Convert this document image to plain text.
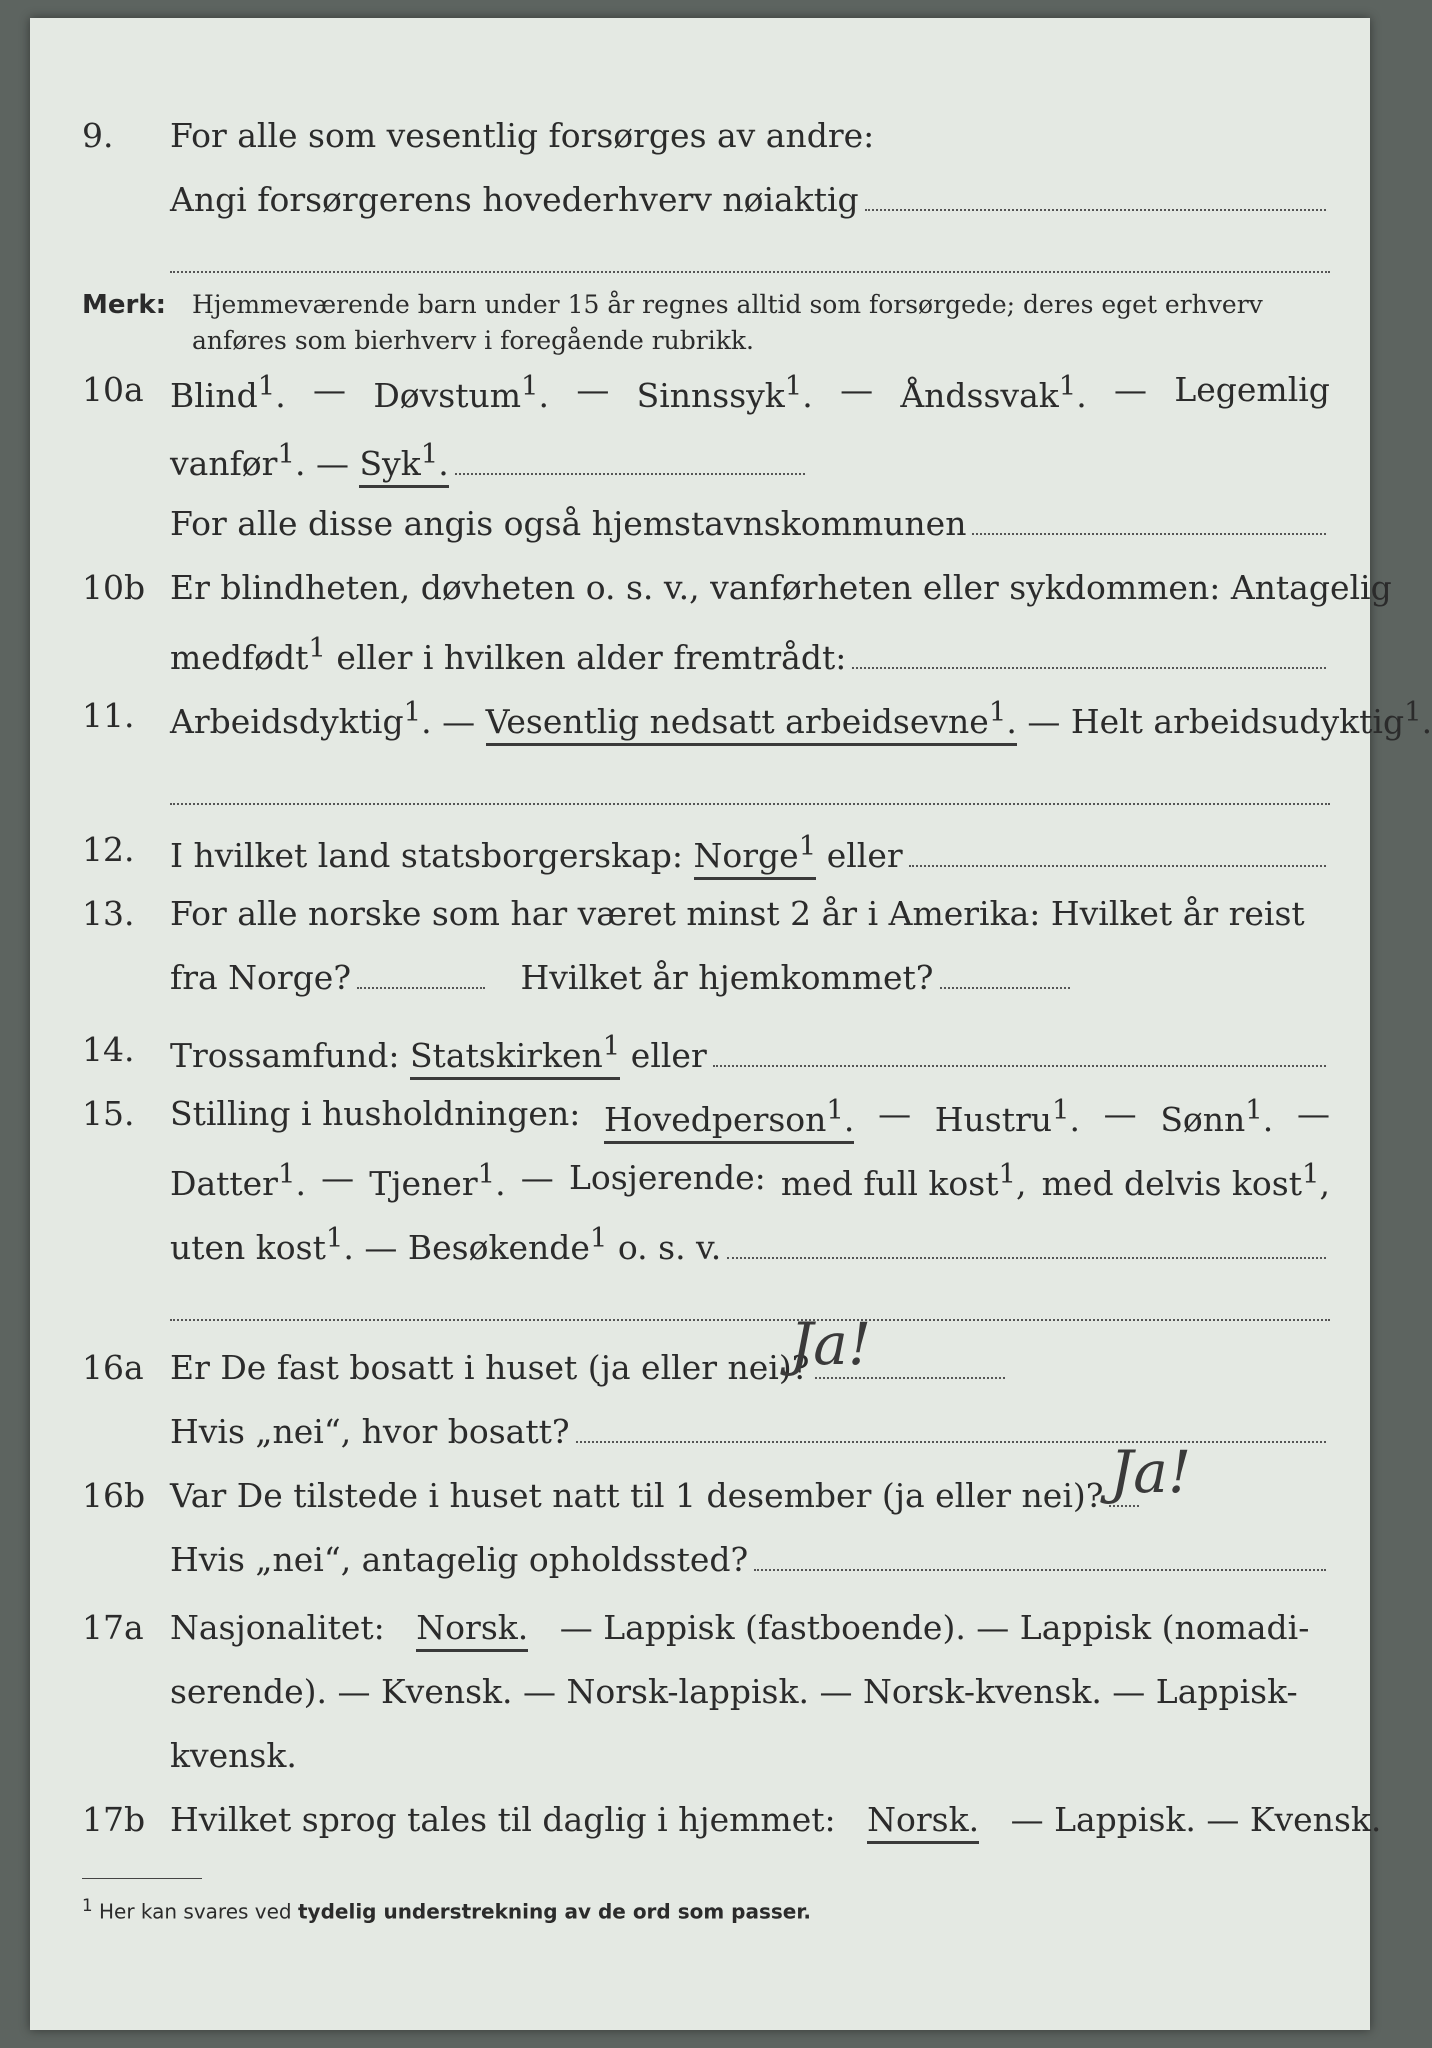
9. For alle som vesentlig forsørges av andre:
Angi forsørgerens hovederhverv nøiaktig
Merk: Hjemmeværende barn under 15 år regnes alltid som forsørgede; deres eget erhverv
anføres som bierhverv i foregående rubrikk.
10a Blind$^1$. — Døvstum$^1$. — Sinnssyk$^1$. — Åndssvak$^1$. — Legemlig
vanfør$^1$.
—
Syk$^1$.
For alle disse angis også hjemstavnskommunen
10b Er blindheten, døvheten o. s. v., vanførheten eller sykdommen: Antagelig
medfødt$^1$
eller i hvilken alder fremtrådt:
11. Arbeidsdyktig$^1$. — Vesentlig nedsatt arbeidsevne$^1$. — Helt arbeidsudyktig$^1$.
12. I hvilket land statsborgerskap:
Norge$^1$
eller
13. For alle norske som har været minst 2 år i Amerika: Hvilket år reist
fra Norge?
	Hvilket år hjemkommet?
14. Trossamfund:
Statskirken$^1$
eller
15. Stilling i husholdningen: Hovedperson$^1$. — Hustru$^1$. — Sønn$^1$. —
Datter$^1$. — Tjener$^1$. — Losjerende: med full kost$^1$, med delvis kost$^1$,
uten kost$^1$.
—
Besøkende$^1$
o. s. v.
16a Er De fast bosatt i huset (ja eller nei)?
Ja!
Hvis „nei“, hvor bosatt?
16b Var De tilstede i huset natt til 1 desember (ja eller nei)? Ja!
Hvis „nei“, antagelig opholdssted?
17a Nasjonalitet: Norsk. — Lappisk (fastboende). — Lappisk (nomadi-
serende). — Kvensk. — Norsk-lappisk. — Norsk-kvensk. — Lappisk-
kvensk.
17b Hvilket sprog tales til daglig i hjemmet: Norsk. — Lappisk. — Kvensk.
$^1$ Her kan svares ved tydelig understrekning av de ord som passer.
